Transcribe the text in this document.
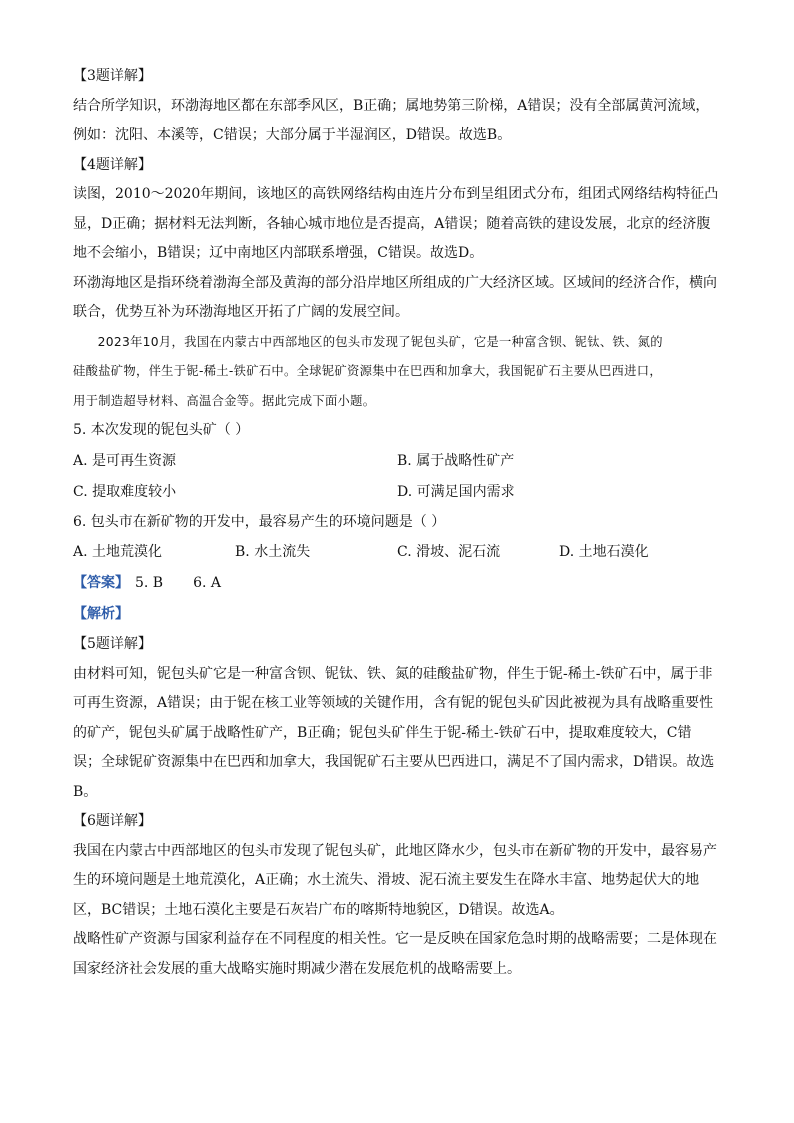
【3题详解】

结合所学知识，环渤海地区都在东部季风区，B正确；属地势第三阶梯，A错误；没有全部属黄河流域，

例如：沈阳、本溪等，C错误；大部分属于半湿润区，D错误。故选B。

【4题详解】

读图，2010～2020年期间，该地区的高铁网络结构由连片分布到呈组团式分布，组团式网络结构特征凸

显，D正确；据材料无法判断，各轴心城市地位是否提高，A错误；随着高铁的建设发展，北京的经济腹

地不会缩小，B错误；辽中南地区内部联系增强，C错误。故选D。

环渤海地区是指环绕着渤海全部及黄海的部分沿岸地区所组成的广大经济区域。区域间的经济合作，横向

联合，优势互补为环渤海地区开拓了广阔的发展空间。

2023年10月，我国在内蒙古中西部地区的包头市发现了铌包头矿，它是一种富含钡、铌钛、铁、氮的

硅酸盐矿物，伴生于铌-稀土-铁矿石中。全球铌矿资源集中在巴西和加拿大，我国铌矿石主要从巴西进口，

用于制造超导材料、高温合金等。据此完成下面小题。

5. 本次发现的铌包头矿（ ）

A. 是可再生资源	B. 属于战略性矿产
C. 提取难度较小	D. 可满足国内需求

6. 包头市在新矿物的开发中，最容易产生的环境问题是（ ）

A. 土地荒漠化	B. 水土流失	C. 滑坡、泥石流	D. 土地石漠化

【答案】 5. B 6. A

【解析】

【5题详解】

由材料可知，铌包头矿它是一种富含钡、铌钛、铁、氮的硅酸盐矿物，伴生于铌-稀土-铁矿石中，属于非

可再生资源，A错误；由于铌在核工业等领域的关键作用，含有铌的铌包头矿因此被视为具有战略重要性

的矿产，铌包头矿属于战略性矿产，B正确；铌包头矿伴生于铌-稀土-铁矿石中，提取难度较大，C错

误；全球铌矿资源集中在巴西和加拿大，我国铌矿石主要从巴西进口，满足不了国内需求，D错误。故选

B。

【6题详解】

我国在内蒙古中西部地区的包头市发现了铌包头矿，此地区降水少，包头市在新矿物的开发中，最容易产

生的环境问题是土地荒漠化，A正确；水土流失、滑坡、泥石流主要发生在降水丰富、地势起伏大的地

区，BC错误；土地石漠化主要是石灰岩广布的喀斯特地貌区，D错误。故选A。

战略性矿产资源与国家利益存在不同程度的相关性。它一是反映在国家危急时期的战略需要；二是体现在

国家经济社会发展的重大战略实施时期减少潜在发展危机的战略需要上。
